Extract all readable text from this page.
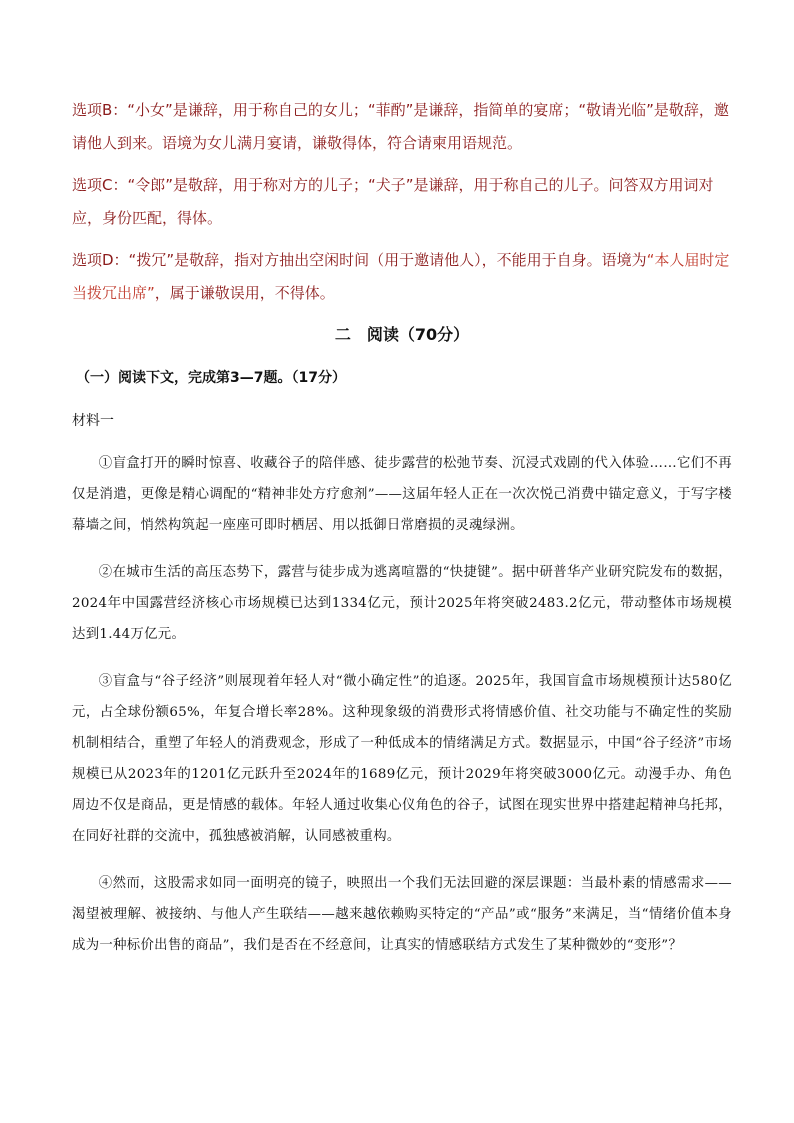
选项B：“小女”是谦辞，用于称自己的女儿；“菲酌”是谦辞，指简单的宴席；“敬请光临”是敬辞，邀请他人到来。语境为女儿满月宴请，谦敬得体，符合请柬用语规范。

选项C：“令郎”是敬辞，用于称对方的儿子；“犬子”是谦辞，用于称自己的儿子。问答双方用词对应，身份匹配，得体。

选项D：“拨冗”是敬辞，指对方抽出空闲时间（用于邀请他人），不能用于自身。语境为“本人届时定当拨冗出席”，属于谦敬误用，不得体。

二　阅读（70分）
（一）阅读下文，完成第3—7题。（17分）
材料一

①盲盒打开的瞬时惊喜、收藏谷子的陪伴感、徒步露营的松弛节奏、沉浸式戏剧的代入体验……它们不再仅是消遣，更像是精心调配的“精神非处方疗愈剂”——这届年轻人正在一次次悦己消费中锚定意义，于写字楼幕墙之间，悄然构筑起一座座可即时栖居、用以抵御日常磨损的灵魂绿洲。

②在城市生活的高压态势下，露营与徒步成为逃离喧嚣的“快捷键”。据中研普华产业研究院发布的数据，2024年中国露营经济核心市场规模已达到1334亿元，预计2025年将突破2483.2亿元，带动整体市场规模达到1.44万亿元。

③盲盒与“谷子经济”则展现着年轻人对“微小确定性”的追逐。2025年，我国盲盒市场规模预计达580亿元，占全球份额65%，年复合增长率28%。这种现象级的消费形式将情感价值、社交功能与不确定性的奖励机制相结合，重塑了年轻人的消费观念，形成了一种低成本的情绪满足方式。数据显示，中国“谷子经济”市场规模已从2023年的1201亿元跃升至2024年的1689亿元，预计2029年将突破3000亿元。动漫手办、角色周边不仅是商品，更是情感的载体。年轻人通过收集心仪角色的谷子，试图在现实世界中搭建起精神乌托邦，在同好社群的交流中，孤独感被消解，认同感被重构。

④然而，这股需求如同一面明亮的镜子，映照出一个我们无法回避的深层课题：当最朴素的情感需求——渴望被理解、被接纳、与他人产生联结——越来越依赖购买特定的“产品”或“服务”来满足，当“情绪价值本身成为一种标价出售的商品”，我们是否在不经意间，让真实的情感联结方式发生了某种微妙的“变形”？
